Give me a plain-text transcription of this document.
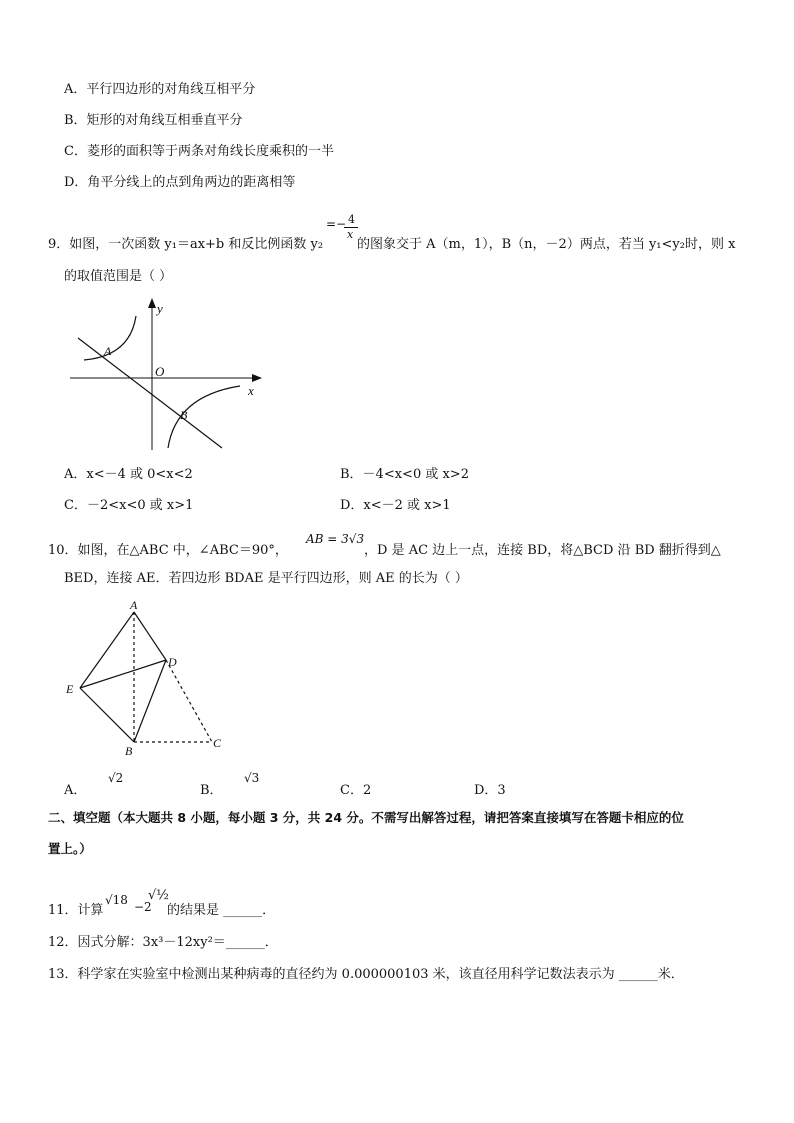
A．平行四边形的对角线互相平分
B．矩形的对角线互相垂直平分
C．菱形的面积等于两条对角线长度乘积的一半
D．角平分线上的点到角两边的距离相等
=− 4
x
9．如图，一次函数 y₁＝ax+b 和反比例函数 y₂	的图象交于 A（m，1），B（n，－2）两点，若当 y₁<y₂时，则 x
的取值范围是（ ）
y
x
O
A
B
A．x<－4 或 0<x<2	B．－4<x<0 或 x>2
C．－2<x<0 或 x>1	D．x<－2 或 x>1
AB = 3√3
10．如图，在△ABC 中，∠ABC＝90°，	，D 是 AC 边上一点，连接 BD，将△BCD 沿 BD 翻折得到△
BED，连接 AE．若四边形 BDAE 是平行四边形，则 AE 的长为（ ）
A
D
E
B
C
A．
√2
B．
√3
C．2	D．3
二、填空题（本大题共 8 小题，每小题 3 分，共 24 分。不需写出解答过程，请把答案直接填写在答题卡相应的位
置上。）
11．计算
√18 −2
√½
的结果是 ______．
12．因式分解：3x³－12xy²＝______．
13．科学家在实验室中检测出某种病毒的直径约为 0.000000103 米，该直径用科学记数法表示为 ______米．
